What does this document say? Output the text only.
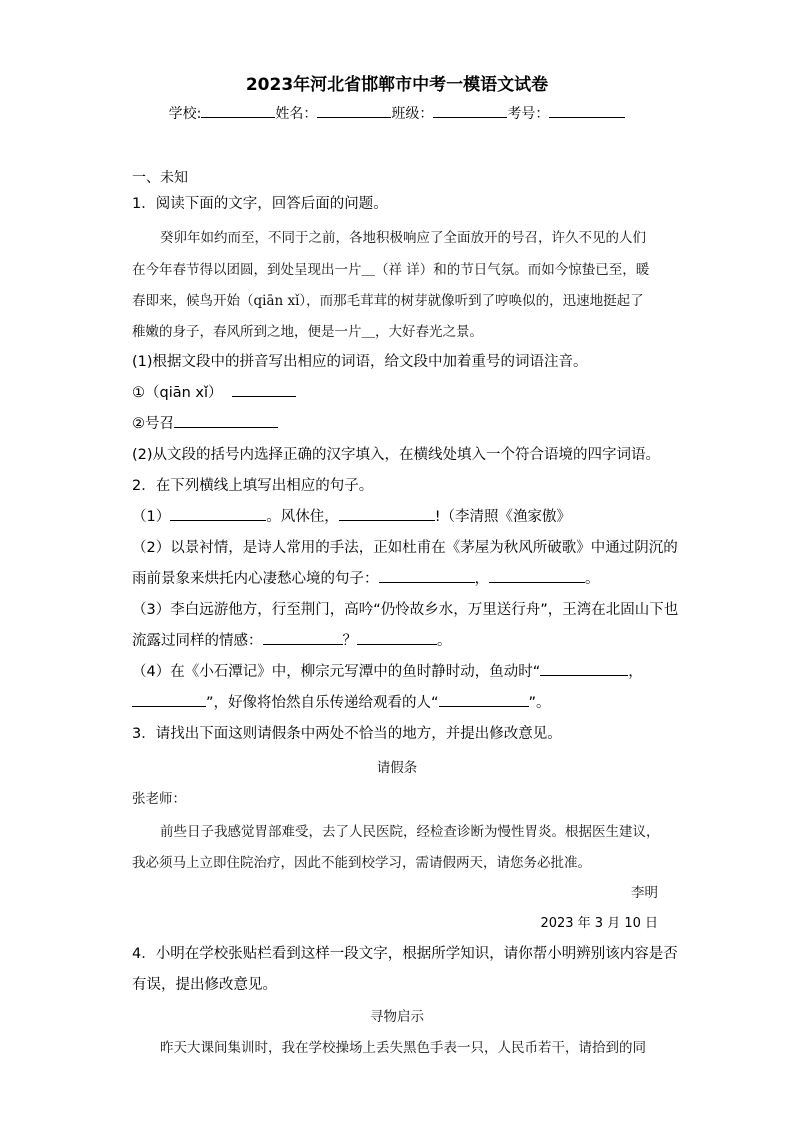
2023年河北省邯郸市中考一模语文试卷
学校:	姓名：	班级：	考号：
一、未知
1．阅读下面的文字，回答后面的问题。
癸卯年如约而至，不同于之前，各地积极响应了全面放开的号召，许久不见的人们
在今年春节得以团圆，到处呈现出一片＿（祥 详）和的节日气氛。而如今惊蛰已至，暖
春即来，候鸟开始（qiān xǐ），而那毛茸茸的树芽就像听到了哼唤似的，迅速地挺起了
稚嫩的身子，春风所到之地，便是一片＿，大好春光之景。
(1)根据文段中的拼音写出相应的词语，给文段中加着重号的词语注音。
①（qiān xǐ）
②号召
(2)从文段的括号内选择正确的汉字填入，在横线处填入一个符合语境的四字词语。
2．在下列横线上填写出相应的句子。
（1）	。风休住，	!（李清照《渔家傲》
（2）以景衬情，是诗人常用的手法，正如杜甫在《茅屋为秋风所破歌》中通过阴沉的
雨前景象来烘托内心凄愁心境的句子：	，	。
（3）李白远游他方，行至荆门，高吟“仍怜故乡水，万里送行舟”，王湾在北固山下也
流露过同样的情感：	？	。
（4）在《小石潭记》中，柳宗元写潭中的鱼时静时动，鱼动时“	，
”，好像将怡然自乐传递给观看的人“	”。
3．请找出下面这则请假条中两处不恰当的地方，并提出修改意见。
请假条
张老师：
前些日子我感觉胃部难受，去了人民医院，经检查诊断为慢性胃炎。根据医生建议，
我必须马上立即住院治疗，因此不能到校学习，需请假两天，请您务必批准。
李明
2023 年 3 月 10 日
4．小明在学校张贴栏看到这样一段文字，根据所学知识，请你帮小明辨别该内容是否
有误，提出修改意见。
寻物启示
昨天大课间集训时，我在学校操场上丢失黑色手表一只，人民币若干，请拾到的同
